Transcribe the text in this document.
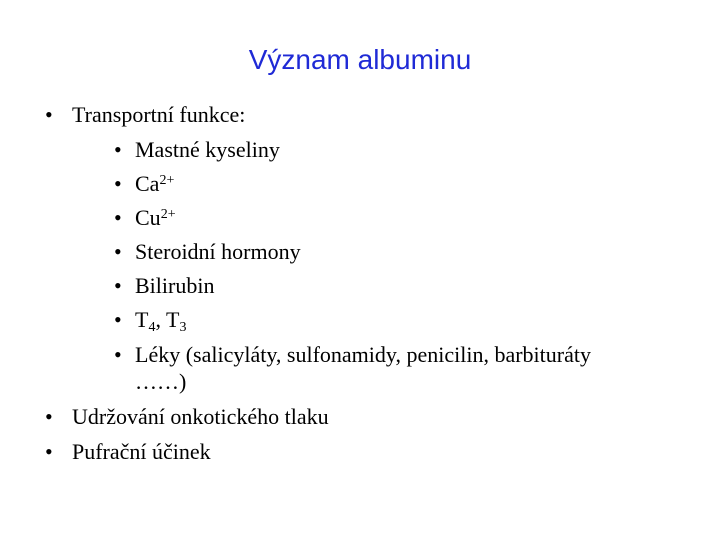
Význam albuminu
• Transportní funkce:
• Mastné kyseliny
• $Ca^{2+}$
• $Cu^{2+}$
• Steroidní hormony
• Bilirubin
• $T_4$, $T_3$
• Léky (salicyláty, sulfonamidy, penicilin, barbituráty
……)
• Udržování onkotického tlaku
• Pufrační účinek
